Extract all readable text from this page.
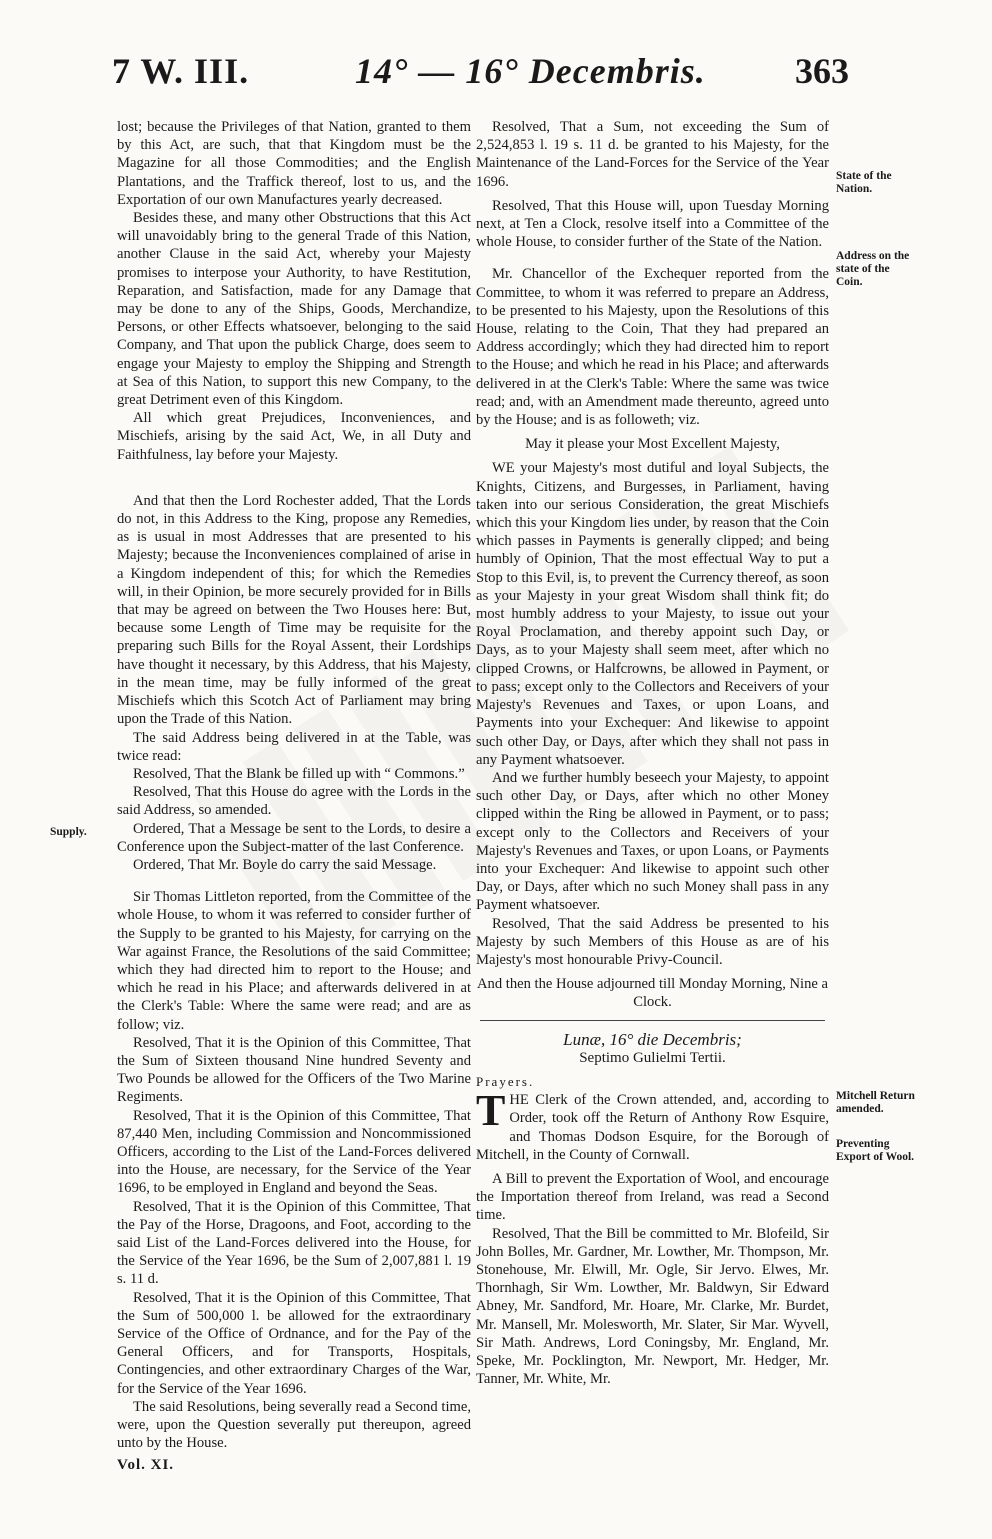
7 W. III.	14° — 16° Decembris. 363
Supply.
State of the Nation.
Address on the state of the Coin.
Mitchell Return amended.
Preventing Export of Wool.

lost; because the Privileges of that Nation, granted to them by this Act, are such, that that Kingdom must be the Magazine for all those Commodities; and the English Plantations, and the Traffick thereof, lost to us, and the Exportation of our own Manufactures yearly decreased.

Besides these, and many other Obstructions that this Act will unavoidably bring to the general Trade of this Nation, another Clause in the said Act, whereby your Majesty promises to interpose your Authority, to have Restitution, Reparation, and Satisfaction, made for any Damage that may be done to any of the Ships, Goods, Merchandize, Persons, or other Effects whatsoever, belonging to the said Company, and That upon the publick Charge, does seem to engage your Majesty to employ the Shipping and Strength at Sea of this Nation, to support this new Company, to the great Detriment even of this Kingdom.

All which great Prejudices, Inconveniences, and Mischiefs, arising by the said Act, We, in all Duty and Faithfulness, lay before your Majesty.

And that then the Lord Rochester added, That the Lords do not, in this Address to the King, propose any Remedies, as is usual in most Addresses that are presented to his Majesty; because the Inconveniences complained of arise in a Kingdom independent of this; for which the Remedies will, in their Opinion, be more securely provided for in Bills that may be agreed on between the Two Houses here: But, because some Length of Time may be requisite for the preparing such Bills for the Royal Assent, their Lordships have thought it necessary, by this Address, that his Majesty, in the mean time, may be fully informed of the great Mischiefs which this Scotch Act of Parliament may bring upon the Trade of this Nation.

The said Address being delivered in at the Table, was twice read:

Resolved, That the Blank be filled up with “ Commons.”

Resolved, That this House do agree with the Lords in the said Address, so amended.

Ordered, That a Message be sent to the Lords, to desire a Conference upon the Subject-matter of the last Conference.

Ordered, That Mr. Boyle do carry the said Message.

Sir Thomas Littleton reported, from the Committee of the whole House, to whom it was referred to consider further of the Supply to be granted to his Majesty, for carrying on the War against France, the Resolutions of the said Committee; which they had directed him to report to the House; and which he read in his Place; and afterwards delivered in at the Clerk's Table: Where the same were read; and are as follow; viz.

Resolved, That it is the Opinion of this Committee, That the Sum of Sixteen thousand Nine hundred Seventy and Two Pounds be allowed for the Officers of the Two Marine Regiments.

Resolved, That it is the Opinion of this Committee, That 87,440 Men, including Commission and Noncommissioned Officers, according to the List of the Land-Forces delivered into the House, are necessary, for the Service of the Year 1696, to be employed in England and beyond the Seas.

Resolved, That it is the Opinion of this Committee, That the Pay of the Horse, Dragoons, and Foot, according to the said List of the Land-Forces delivered into the House, for the Service of the Year 1696, be the Sum of 2,007,881 l. 19 s. 11 d.

Resolved, That it is the Opinion of this Committee, That the Sum of 500,000 l. be allowed for the extraordinary Service of the Office of Ordnance, and for the Pay of the General Officers, and for Transports, Hospitals, Contingencies, and other extraordinary Charges of the War, for the Service of the Year 1696.

The said Resolutions, being severally read a Second time, were, upon the Question severally put thereupon, agreed unto by the House.

Vol. XI.

Resolved, That a Sum, not exceeding the Sum of 2,524,853 l. 19 s. 11 d. be granted to his Majesty, for the Maintenance of the Land-Forces for the Service of the Year 1696.

Resolved, That this House will, upon Tuesday Morning next, at Ten a Clock, resolve itself into a Committee of the whole House, to consider further of the State of the Nation.

Mr. Chancellor of the Exchequer reported from the Committee, to whom it was referred to prepare an Address, to be presented to his Majesty, upon the Resolutions of this House, relating to the Coin, That they had prepared an Address accordingly; which they had directed him to report to the House; and which he read in his Place; and afterwards delivered in at the Clerk's Table: Where the same was twice read; and, with an Amendment made thereunto, agreed unto by the House; and is as followeth; viz.

May it please your Most Excellent Majesty,

WE your Majesty's most dutiful and loyal Subjects, the Knights, Citizens, and Burgesses, in Parliament, having taken into our serious Consideration, the great Mischiefs which this your Kingdom lies under, by reason that the Coin which passes in Payments is generally clipped; and being humbly of Opinion, That the most effectual Way to put a Stop to this Evil, is, to prevent the Currency thereof, as soon as your Majesty in your great Wisdom shall think fit; do most humbly address to your Majesty, to issue out your Royal Proclamation, and thereby appoint such Day, or Days, as to your Majesty shall seem meet, after which no clipped Crowns, or Halfcrowns, be allowed in Payment, or to pass; except only to the Collectors and Receivers of your Majesty's Revenues and Taxes, or upon Loans, and Payments into your Exchequer: And likewise to appoint such other Day, or Days, after which they shall not pass in any Payment whatsoever.

And we further humbly beseech your Majesty, to appoint such other Day, or Days, after which no other Money clipped within the Ring be allowed in Payment, or to pass; except only to the Collectors and Receivers of your Majesty's Revenues and Taxes, or upon Loans, or Payments into your Exchequer: And likewise to appoint such other Day, or Days, after which no such Money shall pass in any Payment whatsoever.

Resolved, That the said Address be presented to his Majesty by such Members of this House as are of his Majesty's most honourable Privy-Council.

And then the House adjourned till Monday Morning, Nine a Clock.

Lunæ, 16° die Decembris;
Septimo Gulielmi Tertii.
Prayers.

THE Clerk of the Crown attended, and, according to Order, took off the Return of Anthony Row Esquire, and Thomas Dodson Esquire, for the Borough of Mitchell, in the County of Cornwall.

A Bill to prevent the Exportation of Wool, and encourage the Importation thereof from Ireland, was read a Second time.

Resolved, That the Bill be committed to Mr. Blofeild, Sir John Bolles, Mr. Gardner, Mr. Lowther, Mr. Thompson, Mr. Stonehouse, Mr. Elwill, Mr. Ogle, Sir Jervo. Elwes, Mr. Thornhagh, Sir Wm. Lowther, Mr. Baldwyn, Sir Edward Abney, Mr. Sandford, Mr. Hoare, Mr. Clarke, Mr. Burdet, Mr. Mansell, Mr. Molesworth, Mr. Slater, Sir Mar. Wyvell, Sir Math. Andrews, Lord Coningsby, Mr. England, Mr. Speke, Mr. Pocklington, Mr. Newport, Mr. Hedger, Mr. Tanner, Mr. White, Mr.
